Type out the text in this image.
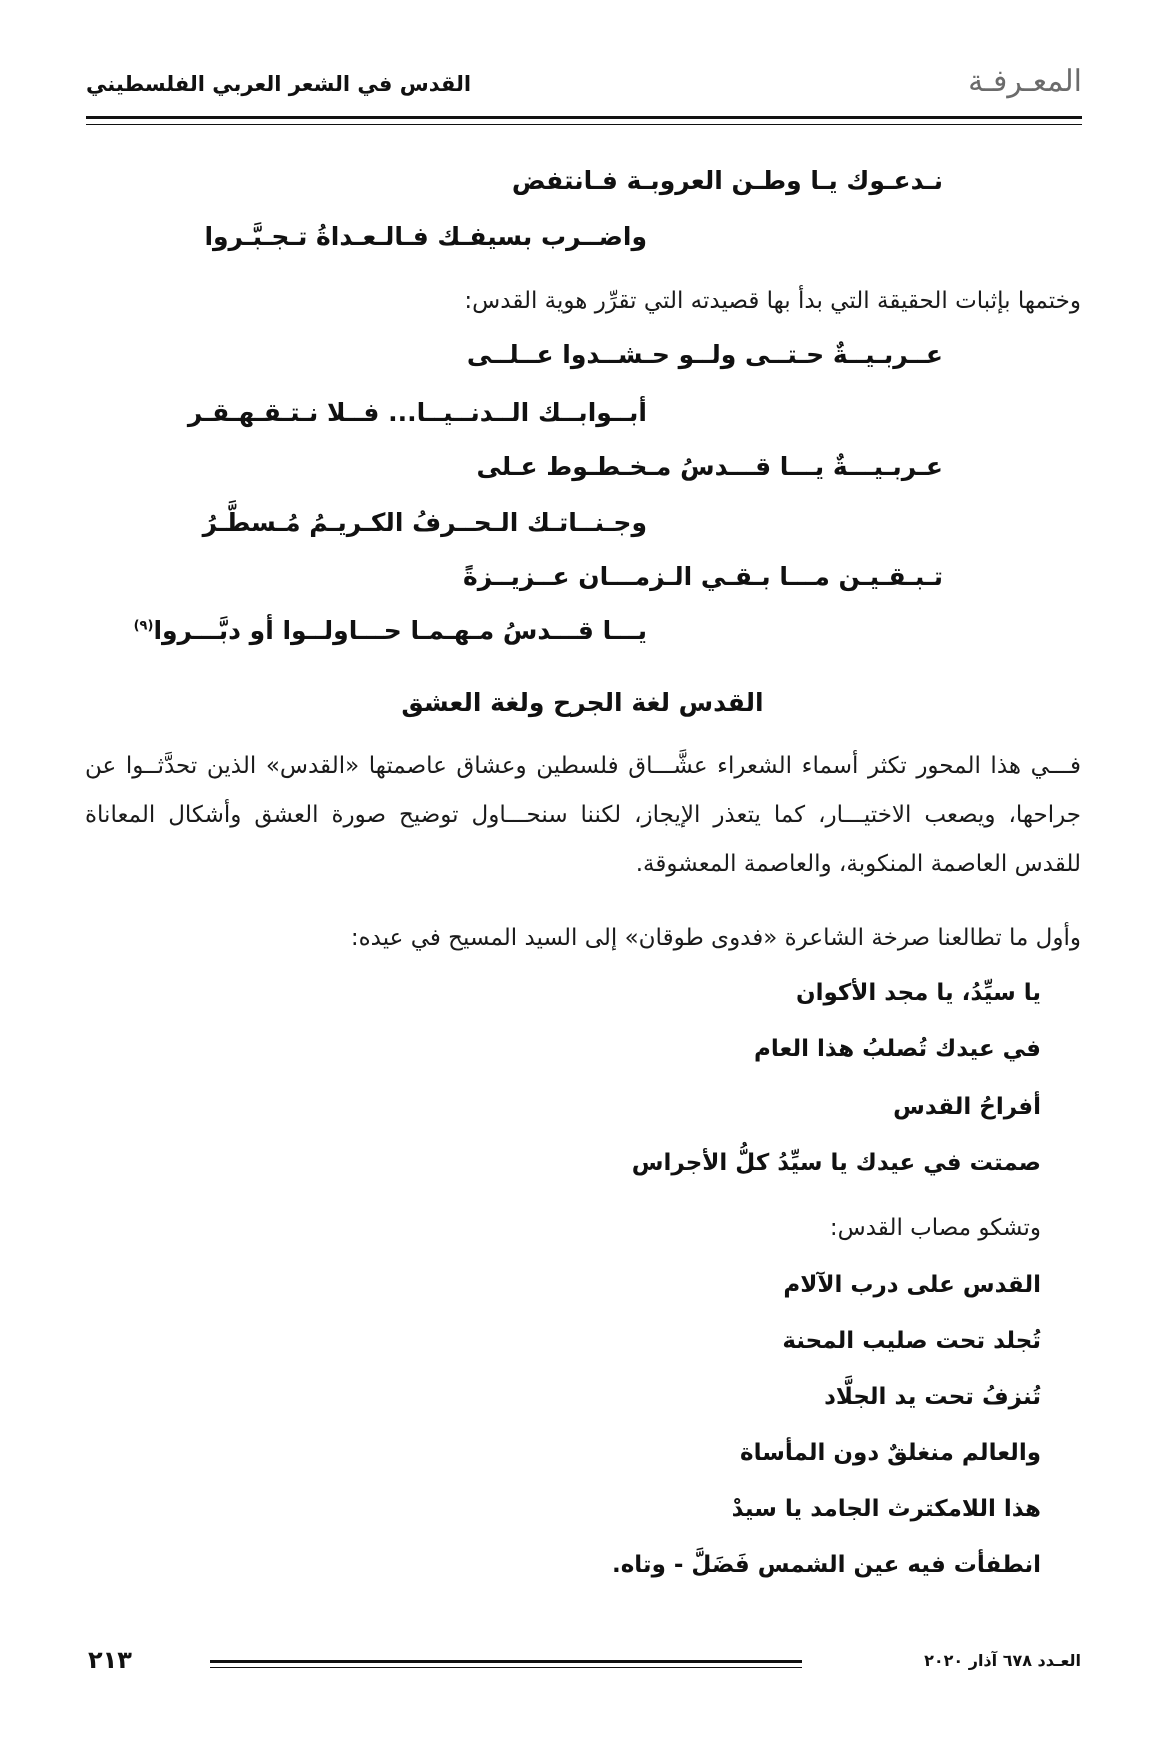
المعـرفـة
القدس في الشعر العربي الفلسطيني
نـدعـوك يـا وطـن العروبـة فـانتفض
واضــرب بسيفـك فـالـعـداةُ تـجـبَّـروا
وختمها بإثبات الحقيقة التي بدأ بها قصيدته التي تقرِّر هوية القدس:
عــربـيــةٌ حـتــى ولــو حـشــدوا عــلــى
أبــوابــك الــدنــيــا... فــلا نـتـقـهـقـر
عـربـيـــةٌ يـــا قـــدسُ مـخـطـوط عـلى
وجـنــاتـك الـحــرفُ الكـريـمُ مُـسطَّـرُ
تـبـقـيـن مـــا بـقـي الـزمـــان عــزيــزةً
يـــا قـــدسُ مـهـمـا حـــاولــوا أو دبَّـــروا$^{(٩)}$
القدس لغة الجرح ولغة العشق
فـــي هذا المحور تكثر أسماء الشعراء عشَّـــاق فلسطين وعشاق عاصمتها «القدس» الذين تحدَّثــوا عن جراحها، ويصعب الاختيـــار، كما يتعذر الإيجاز، لكننا سنحـــاول توضيح صورة العشق وأشكال المعاناة للقدس العاصمة المنكوبة، والعاصمة المعشوقة.
وأول ما تطالعنا صرخة الشاعرة «فدوى طوقان» إلى السيد المسيح في عيده:
يا سيِّدُ، يا مجد الأكوان
في عيدك تُصلبُ هذا العام
أفراحُ القدس
صمتت في عيدك يا سيِّدُ كلُّ الأجراس
وتشكو مصاب القدس:
القدس على درب الآلام
تُجلد تحت صليب المحنة
تُنزفُ تحت يد الجلَّاد
والعالم منغلقٌ دون المأساة
هذا اللامكترث الجامد يا سيدْ
انطفأت فيه عين الشمس فَضَلَّ - وتاه.
٢١٣	العـدد ٦٧٨ آذار ٢٠٢٠
